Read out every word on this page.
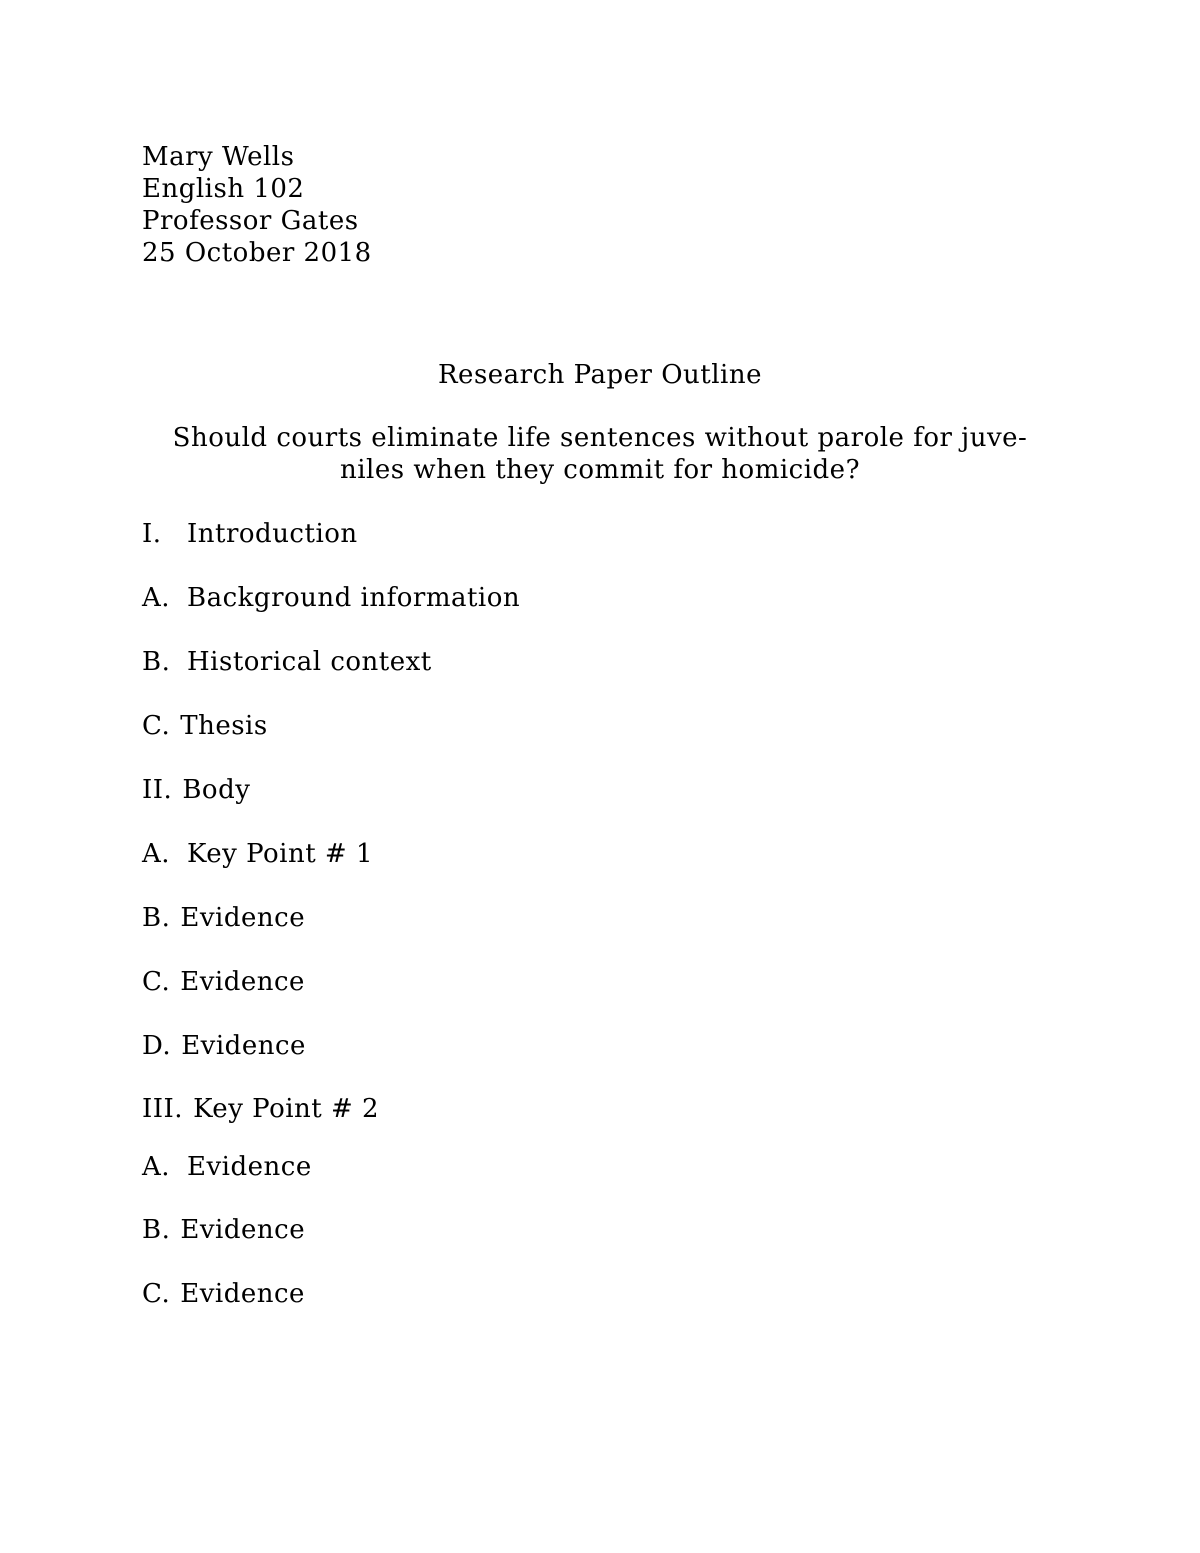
Mary Wells
English 102
Professor Gates
25 October 2018
Research Paper Outline
Should courts eliminate life sentences without parole for juve-
niles when they commit for homicide?
I. Introduction
A. Background information
B. Historical context
C. Thesis
II. Body
A. Key Point # 1
B. Evidence
C. Evidence
D. Evidence
III. Key Point # 2
A. Evidence
B. Evidence
C. Evidence
